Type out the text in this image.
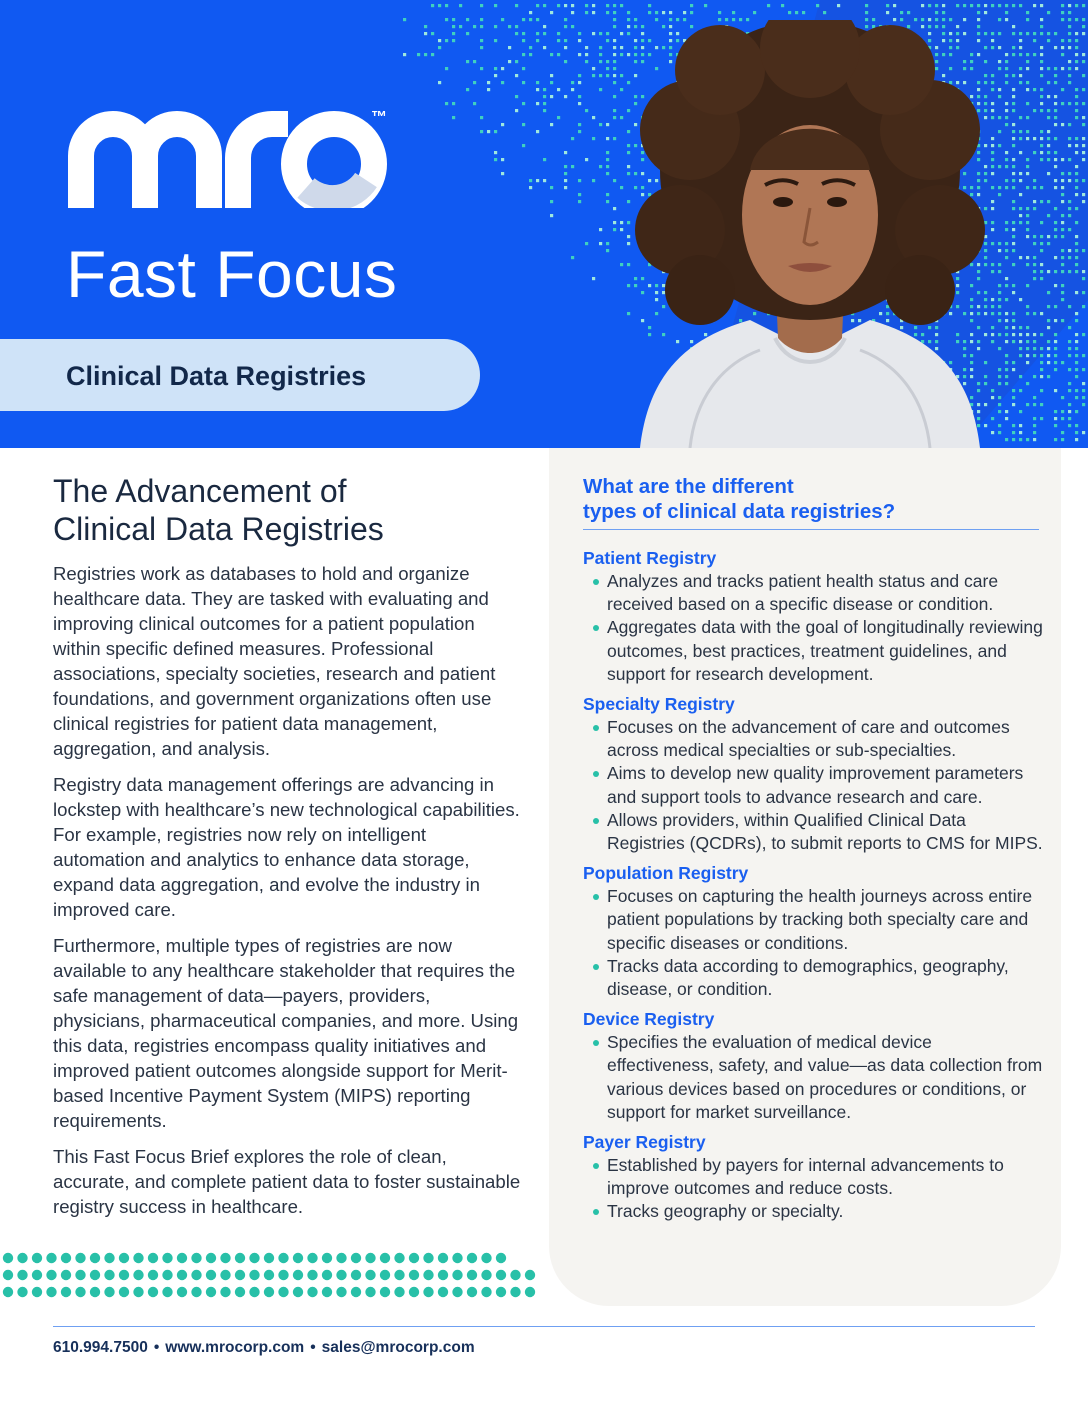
™
Fast Focus
Clinical Data Registries
The Advancement of
Clinical Data Registries

Registries work as databases to hold and organize healthcare data. They are tasked with evaluating and improving clinical outcomes for a patient population within specific defined measures. Professional associations, specialty societies, research and patient foundations, and government organizations often use clinical registries for patient data management, aggregation, and analysis.

Registry data management offerings are advancing in lockstep with healthcare’s new technological capabilities. For example, registries now rely on intelligent automation and analytics to enhance data storage, expand data aggregation, and evolve the industry in improved care.

Furthermore, multiple types of registries are now available to any healthcare stakeholder that requires the safe management of data—payers, providers, physicians, pharmaceutical companies, and more. Using this data, registries encompass quality initiatives and improved patient outcomes alongside support for Merit-based Incentive Payment System (MIPS) reporting requirements.

This Fast Focus Brief explores the role of clean, accurate, and complete patient data to foster sustainable registry success in healthcare.

What are the different
types of clinical data registries?
Patient Registry
Analyzes and tracks patient health status and care received based on a specific disease or condition.
Aggregates data with the goal of longitudinally reviewing outcomes, best practices, treatment guidelines, and support for research development.
Specialty Registry
Focuses on the advancement of care and outcomes across medical specialties or sub-specialties.
Aims to develop new quality improvement parameters and support tools to advance research and care.
Allows providers, within Qualified Clinical Data Registries (QCDRs), to submit reports to CMS for MIPS.
Population Registry
Focuses on capturing the health journeys across entire patient populations by tracking both specialty care and specific diseases or conditions.
Tracks data according to demographics, geography, disease, or condition.
Device Registry
Specifies the evaluation of medical device effectiveness, safety, and value—as data collection from various devices based on procedures or conditions, or support for market surveillance.
Payer Registry
Established by payers for internal advancements to improve outcomes and reduce costs.
Tracks geography or specialty.
610.994.7500 • www.mrocorp.com • sales@mrocorp.com
